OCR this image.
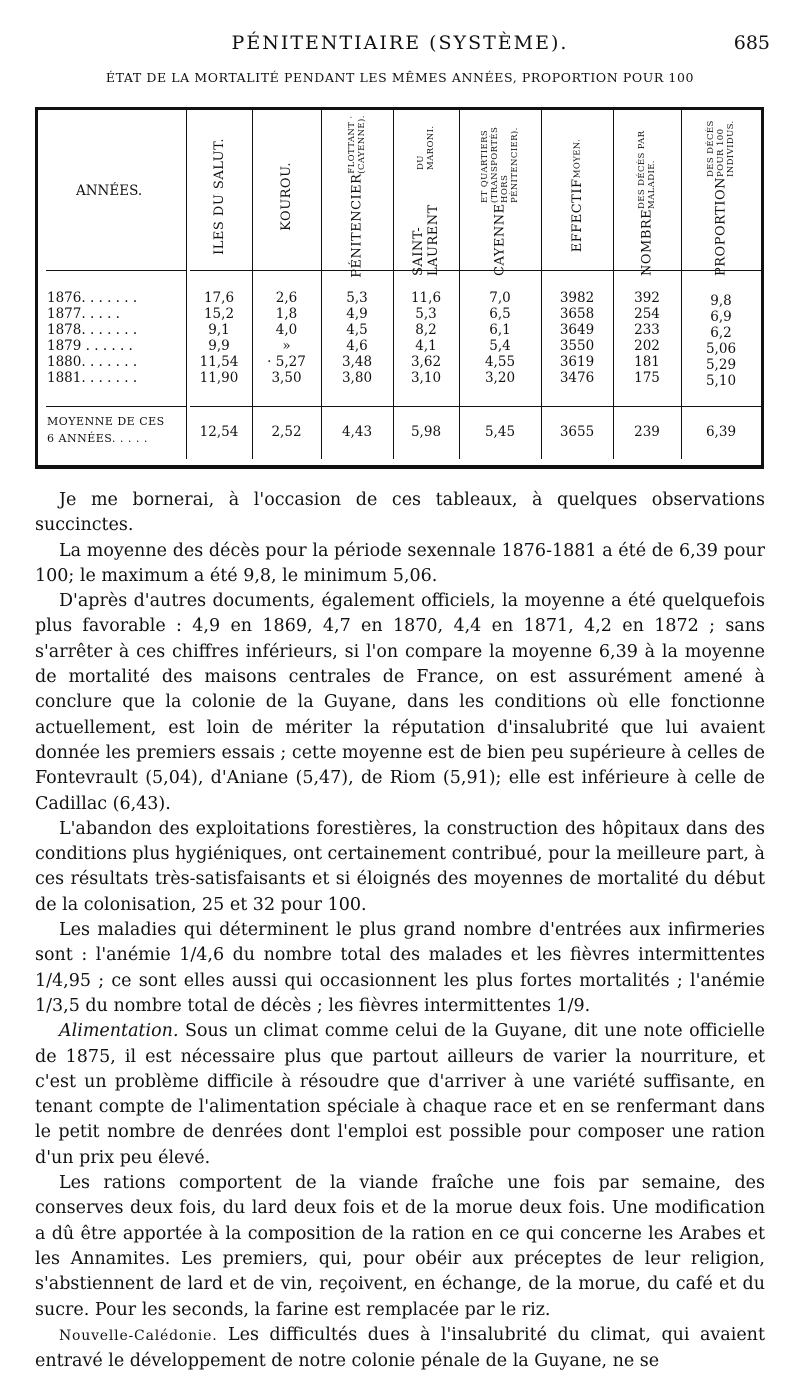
PÉNITENTIAIRE (SYSTÈME).	685
ÉTAT DE LA MORTALITÉ PENDANT LES MÊMES ANNÉES, PROPORTION POUR 100
ANNÉES.
1876. . . . . . .
1877. . . . .
1878. . . . . . .
1879 . . . . . .
1880. . . . . . .
1881. . . . . . .
MOYENNE DE CES
6 ANNÉES. . . . .
ILES DU SALUT.
17,6
15,2
9,1
9,9
11,54
11,90
12,54
KOUROU.
2,6
1,8
4,0
»
· 5,27
3,50
2,52
PÉNITENCIER
FLOTTANT · (CAYENNE).
5,3
4,9
4,5
4,6
3,48
3,80
4,43
SAINT-LAURENT
DU MARONI.
11,6
5,3
8,2
4,1
3,62
3,10
5,98
CAYENNE
ET QUARTIERS (TRANSPORTÉS HORS PÉNITENCIER).
7,0
6,5
6,1
5,4
4,55
3,20
5,45
EFFECTIF
MOYEN.
3982
3658
3649
3550
3619
3476
3655
NOMBRE
DES DÉCÈS PAR MALADIE.
392
254
233
202
181
175
239
PROPORTION
DES DÉCÈS POUR 100 INDIVIDUS.
9,8
6,9
6,2
5,06
5,29
5,10
6,39

Je me bornerai, à l'occasion de ces tableaux, à quelques observations succinctes.

La moyenne des décès pour la période sexennale 1876-1881 a été de 6,39 pour 100; le maximum a été 9,8, le minimum 5,06.

D'après d'autres documents, également officiels, la moyenne a été quelquefois plus favorable : 4,9 en 1869, 4,7 en 1870, 4,4 en 1871, 4,2 en 1872 ; sans s'arrêter à ces chiffres inférieurs, si l'on compare la moyenne 6,39 à la moyenne de mortalité des maisons centrales de France, on est assurément amené à conclure que la colonie de la Guyane, dans les conditions où elle fonctionne actuellement, est loin de mériter la réputation d'insalubrité que lui avaient donnée les premiers essais ; cette moyenne est de bien peu supérieure à celles de Fontevrault (5,04), d'Aniane (5,47), de Riom (5,91); elle est inférieure à celle de Cadillac (6,43).

L'abandon des exploitations forestières, la construction des hôpitaux dans des conditions plus hygiéniques, ont certainement contribué, pour la meilleure part, à ces résultats très-satisfaisants et si éloignés des moyennes de mortalité du début de la colonisation, 25 et 32 pour 100.

Les maladies qui déterminent le plus grand nombre d'entrées aux infirmeries sont : l'anémie 1/4,6 du nombre total des malades et les fièvres intermittentes 1/4,95 ; ce sont elles aussi qui occasionnent les plus fortes mortalités ; l'anémie 1/3,5 du nombre total de décès ; les fièvres intermittentes 1/9.

Alimentation. Sous un climat comme celui de la Guyane, dit une note officielle de 1875, il est nécessaire plus que partout ailleurs de varier la nourriture, et c'est un problème difficile à résoudre que d'arriver à une variété suffisante, en tenant compte de l'alimentation spéciale à chaque race et en se renfermant dans le petit nombre de denrées dont l'emploi est possible pour composer une ration d'un prix peu élevé.

Les rations comportent de la viande fraîche une fois par semaine, des conserves deux fois, du lard deux fois et de la morue deux fois. Une modification a dû être apportée à la composition de la ration en ce qui concerne les Arabes et les Annamites. Les premiers, qui, pour obéir aux préceptes de leur religion, s'abstiennent de lard et de vin, reçoivent, en échange, de la morue, du café et du sucre. Pour les seconds, la farine est remplacée par le riz.

Nouvelle-Calédonie. Les difficultés dues à l'insalubrité du climat, qui avaient entravé le développement de notre colonie pénale de la Guyane, ne se
